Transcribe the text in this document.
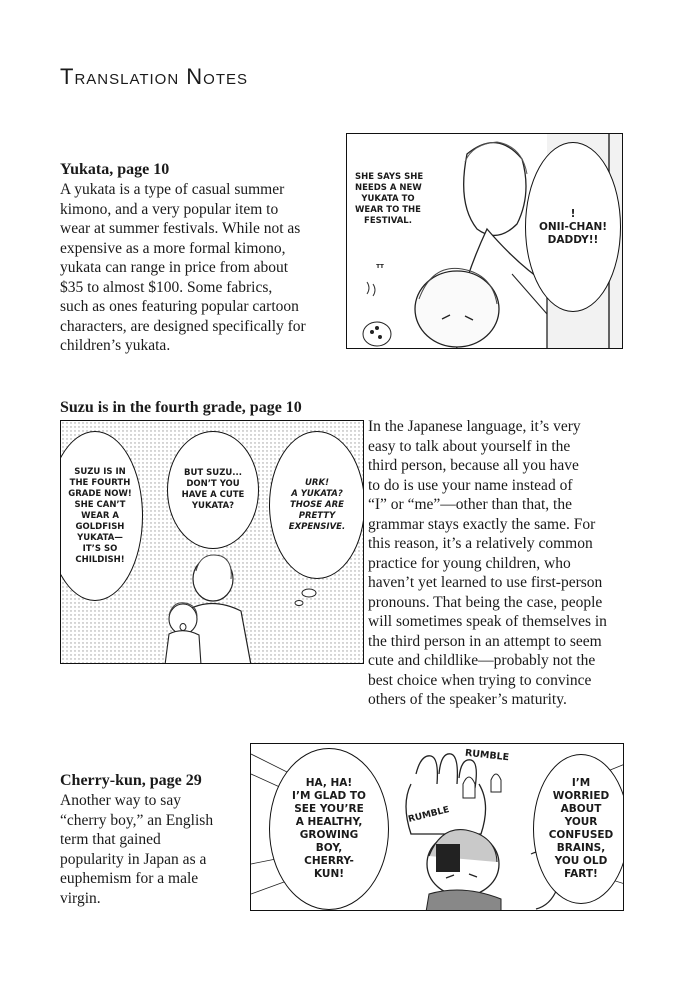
Translation Notes
Yukata, page 10
A yukata is a type of casual summer
kimono, and a very popular item to
wear at summer festivals. While not as
expensive as a more formal kimono,
yukata can range in price from about
$35 to almost $100. Some fabrics,
such as ones featuring popular cartoon
characters, are designed specifically for
children’s yukata.
SHE SAYS SHE
NEEDS A NEW
YUKATA TO
WEAR TO THE
FESTIVAL.
!
ONII-CHAN!
DADDY!!
ᵀᵀ
Suzu is in the fourth grade, page 10
SUZU IS IN
THE FOURTH
GRADE NOW!
SHE CAN’T
WEAR A
GOLDFISH
YUKATA—
IT’S SO
CHILDISH!
BUT SUZU...
DON’T YOU
HAVE A CUTE
YUKATA?
URK!
A YUKATA?
THOSE ARE
PRETTY
EXPENSIVE.
In the Japanese language, it’s very
easy to talk about yourself in the
third person, because all you have
to do is use your name instead of
“I” or “me”—other than that, the
grammar stays exactly the same. For
this reason, it’s a relatively common
practice for young children, who
haven’t yet learned to use first-person
pronouns. That being the case, people
will sometimes speak of themselves in
the third person in an attempt to seem
cute and childlike—probably not the
best choice when trying to convince
others of the speaker’s maturity.
Cherry-kun, page 29
Another way to say
“cherry boy,” an English
term that gained
popularity in Japan as a
euphemism for a male
virgin.
HA, HA!
I’M GLAD TO
SEE YOU’RE
A HEALTHY,
GROWING
BOY,
CHERRY-
KUN!
I’M
WORRIED
ABOUT
YOUR
CONFUSED
BRAINS,
YOU OLD
FART!
RUMBLE
RUMBLE
